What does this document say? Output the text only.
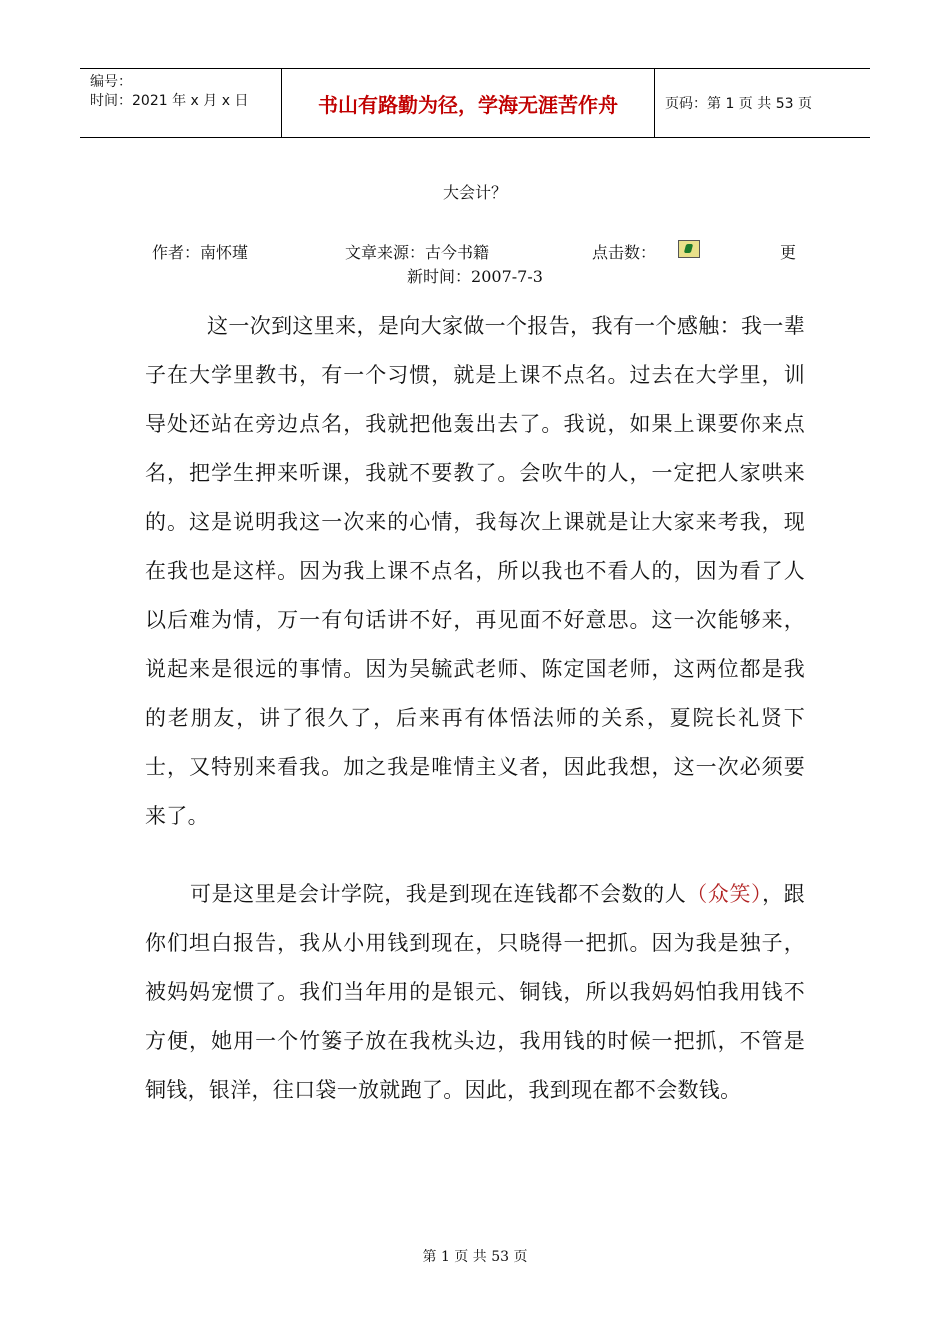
编号：
时间：2021 年 x 月 x 日	书山有路勤为径，学海无涯苦作舟	页码：第 1 页 共 53 页
大会计？
作者：南怀瑾	文章来源：古今书籍	点击数：	更
新时间：2007-7-3

这一次到这里来，是向大家做一个报告，我有一个感触：我一辈子在大学里教书，有一个习惯，就是上课不点名。过去在大学里，训导处还站在旁边点名，我就把他轰出去了。我说，如果上课要你来点名，把学生押来听课，我就不要教了。会吹牛的人，一定把人家哄来的。这是说明我这一次来的心情，我每次上课就是让大家来考我，现在我也是这样。因为我上课不点名，所以我也不看人的，因为看了人以后难为情，万一有句话讲不好，再见面不好意思。这一次能够来，说起来是很远的事情。因为吴毓武老师、陈定国老师，这两位都是我的老朋友，讲了很久了，后来再有体悟法师的关系，夏院长礼贤下士，又特别来看我。加之我是唯情主义者，因此我想，这一次必须要来了。

可是这里是会计学院，我是到现在连钱都不会数的人（众笑），跟你们坦白报告，我从小用钱到现在，只晓得一把抓。因为我是独子，被妈妈宠惯了。我们当年用的是银元、铜钱，所以我妈妈怕我用钱不方便，她用一个竹篓子放在我枕头边，我用钱的时候一把抓，不管是铜钱，银洋，往口袋一放就跑了。因此，我到现在都不会数钱。

第 1 页 共 53 页
